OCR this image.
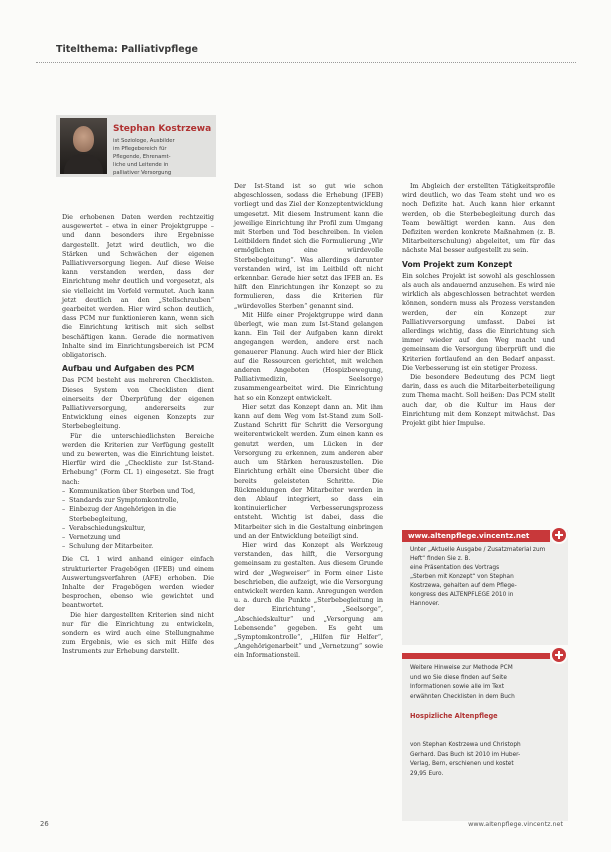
Titelthema: Palliativpflege
Stephan Kostrzewa
ist Soziologe, Ausbilder
im Pflegebereich für
Pflegende, Ehrenamt-
liche und Leitende in
palliativer Versorgung

Die erhobenen Daten werden rechtzeitig ausgewertet – etwa in einer Projektgruppe – und dann besonders ihre Ergebnisse dargestellt. Jetzt wird deutlich, wo die Stärken und Schwächen der eigenen Palliativversorgung liegen. Auf diese Weise kann verstanden werden, dass der Einrichtung mehr deutlich und vorgesetzt, als sie vielleicht im Vorfeld vermutet. Auch kann jetzt deutlich an den „Stellschrauben“ gearbeitet werden. Hier wird schon deutlich, dass PCM nur funktionieren kann, wenn sich die Einrichtung kritisch mit sich selbst beschäftigen kann. Gerade die normativen Inhalte sind im Einrichtungsbereich ist PCM obligatorisch.

Aufbau und Aufgaben des PCM

Das PCM besteht aus mehreren Checklisten. Dieses System von Checklisten dient einerseits der Überprüfung der eigenen Palliativversorgung, andererseits zur Entwicklung eines eigenen Konzepts zur Sterbebegleitung.

Für die unterschiedlichsten Bereiche werden die Kriterien zur Verfügung gestellt und zu bewerten, was die Einrichtung leistet. Hierfür wird die „Checkliste zur Ist-Stand-Erhebung“ (Form CL 1) eingesetzt. Sie fragt nach:

– Kommunikation über Sterben und Tod,
– Standards zur Symptomkontrolle,
– Einbezug der Angehörigen in die Sterbebegleitung,
– Verabschiedungskultur,
– Vernetzung und
– Schulung der Mitarbeiter.

Die CL 1 wird anhand einiger einfach strukturierter Fragebögen (IFEB) und einem Auswertungsverfahren (AFE) erhoben. Die Inhalte der Fragebögen werden wieder besprochen, ebenso wie gewichtet und beantwortet.

Die hier dargestellten Kriterien sind nicht nur für die Einrichtung zu entwickeln, sondern es wird auch eine Stellungnahme zum Ergebnis, wie es sich mit Hilfe des Instruments zur Erhebung darstellt.

Der Ist-Stand ist so gut wie schon abgeschlossen, sodass die Erhebung (IFEB) vorliegt und das Ziel der Konzeptentwicklung umgesetzt. Mit diesem Instrument kann die jeweilige Einrichtung ihr Profil zum Umgang mit Sterben und Tod beschreiben. In vielen Leitbildern findet sich die Formulierung „Wir ermöglichen eine würdevolle Sterbebegleitung“. Was allerdings darunter verstanden wird, ist im Leitbild oft nicht erkennbar. Gerade hier setzt das IFEB an. Es hilft den Einrichtungen ihr Konzept so zu formulieren, dass die Kriterien für „würdevolles Sterben“ genannt sind.

Mit Hilfe einer Projektgruppe wird dann überlegt, wie man zum Ist-Stand gelangen kann. Ein Teil der Aufgaben kann direkt angegangen werden, andere erst nach genauerer Planung. Auch wird hier der Blick auf die Ressourcen gerichtet, mit welchen anderen Angeboten (Hospizbewegung, Palliativmedizin, Seelsorge) zusammengearbeitet wird. Die Einrichtung hat so ein Konzept entwickelt.

Hier setzt das Konzept dann an. Mit ihm kann auf dem Weg vom Ist-Stand zum Soll-Zustand Schritt für Schritt die Versorgung weiterentwickelt werden. Zum einen kann es genutzt werden, um Lücken in der Versorgung zu erkennen, zum anderen aber auch um Stärken herauszustellen. Die Einrichtung erhält eine Übersicht über die bereits geleisteten Schritte. Die Rückmeldungen der Mitarbeiter werden in den Ablauf integriert, so dass ein kontinuierlicher Verbesserungsprozess entsteht. Wichtig ist dabei, dass die Mitarbeiter sich in die Gestaltung einbringen und an der Entwicklung beteiligt sind.

Hier wird das Konzept als Werkzeug verstanden, das hilft, die Versorgung gemeinsam zu gestalten. Aus diesem Grunde wird der „Wegweiser“ in Form einer Liste beschrieben, die aufzeigt, wie die Versorgung entwickelt werden kann. Anregungen werden u. a. durch die Punkte „Sterbebegleitung in der Einrichtung“, „Seelsorge“, „Abschiedskultur“ und „Versorgung am Lebensende“ gegeben. Es geht um „Symptomkontrolle“, „Hilfen für Helfer“, „Angehörigenarbeit“ und „Vernetzung“ sowie ein Informationsteil.

Im Abgleich der erstellten Tätigkeitsprofile wird deutlich, wo das Team steht und wo es noch Defizite hat. Auch kann hier erkannt werden, ob die Sterbebegleitung durch das Team bewältigt werden kann. Aus den Defiziten werden konkrete Maßnahmen (z. B. Mitarbeiterschulung) abgeleitet, um für das nächste Mal besser aufgestellt zu sein.

Vom Projekt zum Konzept

Ein solches Projekt ist sowohl als geschlossen als auch als andauernd anzusehen. Es wird nie wirklich als abgeschlossen betrachtet werden können, sondern muss als Prozess verstanden werden, der ein Konzept zur Palliativversorgung umfasst. Dabei ist allerdings wichtig, dass die Einrichtung sich immer wieder auf den Weg macht und gemeinsam die Versorgung überprüft und die Kriterien fortlaufend an den Bedarf anpasst. Die Verbesserung ist ein stetiger Prozess.

Die besondere Bedeutung des PCM liegt darin, dass es auch die Mitarbeiterbeteiligung zum Thema macht. Soll heißen: Das PCM stellt auch dar, ob die Kultur im Haus der Einrichtung mit dem Konzept mitwächst. Das Projekt gibt hier Impulse.

www.altenpflege.vincentz.net
Unter „Aktuelle Ausgabe / Zusatzmaterial zum Heft“ finden Sie z. B.
eine Präsentation des Vortrags
„Sterben mit Konzept“ von Stephan
Kostrzewa, gehalten auf dem Pflege-
kongress des ALTENPFLEGE 2010 in
Hannover.
Weitere Hinweise zur Methode PCM
und wo Sie diese finden auf Seite
Informationen sowie alle im Text
erwähnten Checklisten in dem Buch
Hospizliche Altenpflege
von Stephan Kostrzewa und Christoph
Gerhard. Das Buch ist 2010 im Huber-
Verlag, Bern, erschienen und kostet
29,95 Euro.
26	www.altenpflege.vincentz.net
